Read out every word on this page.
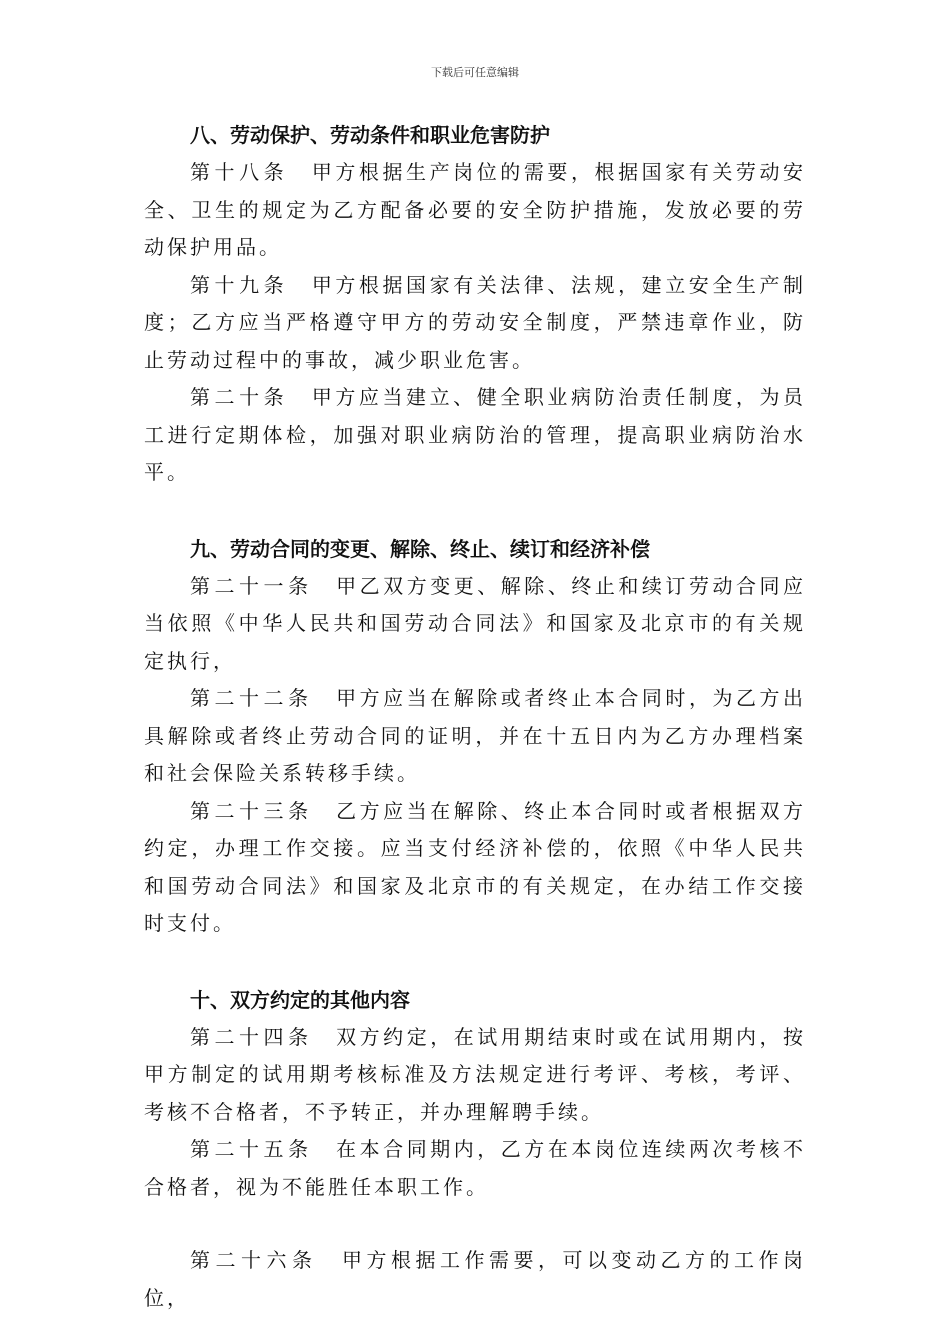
下载后可任意编辑
八、劳动保护、劳动条件和职业危害防护

第十八条　 甲方根据生产岗位的需要，根据国家有关劳动安全、卫生的规定为乙方配备必要的安全防护措施，发放必要的劳动保护用品。

第十九条　 甲方根据国家有关法律、法规，建立安全生产制度；乙方应当严格遵守甲方的劳动安全制度，严禁违章作业，防止劳动过程中的事故，减少职业危害。

第二十条　 甲方应当建立、健全职业病防治责任制度，为员工进行定期体检，加强对职业病防治的管理，提高职业病防治水平。

九、劳动合同的变更、解除、终止、续订和经济补偿

第二十一条　 甲乙双方变更、解除、终止和续订劳动合同应当依照《中华人民共和国劳动合同法》和国家及北京市的有关规定执行，

第二十二条　 甲方应当在解除或者终止本合同时，为乙方出具解除或者终止劳动合同的证明，并在十五日内为乙方办理档案和社会保险关系转移手续。

第二十三条　 乙方应当在解除、终止本合同时或者根据双方约定，办理工作交接。应当支付经济补偿的，依照《中华人民共和国劳动合同法》和国家及北京市的有关规定，在办结工作交接时支付。

十、双方约定的其他内容

第二十四条　 双方约定，在试用期结束时或在试用期内，按甲方制定的试用期考核标准及方法规定进行考评、考核，考评、考核不合格者，不予转正，并办理解聘手续。

第二十五条　 在本合同期内，乙方在本岗位连续两次考核不合格者，视为不能胜任本职工作。

第二十六条　 甲方根据工作需要，可以变动乙方的工作岗位，
